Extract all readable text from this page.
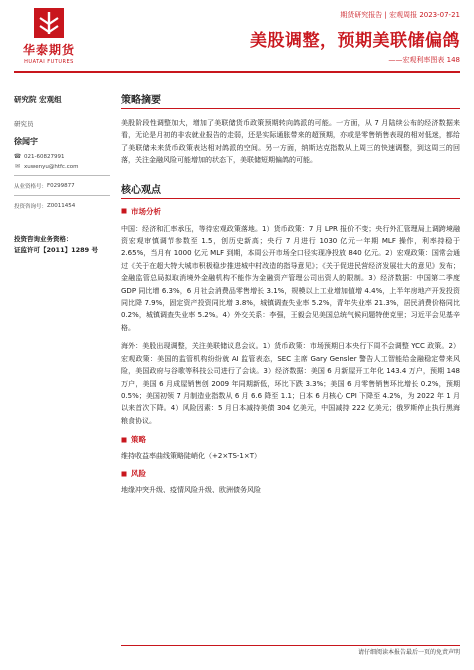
华泰期货
HUATAI FUTURES
期货研究报告 | 宏观周报 2023-07-21
美股调整，预期美联储偏鸽
——宏观利率图表 148
研究院 宏观组
研究员
徐闻宇
☎ 021-60827991
✉ xuwenyu@htfc.com
从业资格号： F0299877
投资咨询号： Z0011454
投资咨询业务资格：
证监许可【2011】1289 号
策略摘要

美股阶段性调整加大，增加了美联储货币政策预期转向鸽派的可能。一方面，从 7 月陆续公布的经济数据来看，无论是月初的非农就业报告的走弱，还是实际通胀带来的超预期，亦或是零售销售表现的相对低迷，都给了美联储未来货币政策表达相对鸽派的空间。另一方面，纳斯达克指数从上周三的快速调整，到这周三的回落，关注金融风险可能增加的状态下，美联储短期偏鸽的可能。

核心观点
市场分析

中国：经济和汇率承压，等待宏观政策落地。1）货币政策：7 月 LPR 报价不变；央行外汇管理局上调跨境融资宏观审慎调节参数至 1.5，创历史新高；央行 7 月进行 1030 亿元一年期 MLF 操作，利率持稳于 2.65%，当月有 1000 亿元 MLF 到期，本周公开市场全口径实现净投放 840 亿元。2）宏观政策：国常会通过《关于在超大特大城市积极稳步推进城中村改造的指导意见》；《关于促进民营经济发展壮大的意见》发布；金融监管总局拟取消境外金融机构不能作为金融资产管理公司出资人的限制。3）经济数据：中国第二季度 GDP 同比增 6.3%，6 月社会消费品零售增长 3.1%，规模以上工业增加值增 4.4%，上半年房地产开发投资同比降 7.9%，固定资产投资同比增 3.8%，城镇调查失业率 5.2%，青年失业率 21.3%，居民消费价格同比 0.2%，城镇调查失业率 5.2%。4）外交关系：李强，王毅会见美国总统气候问题特使克里；习近平会见基辛格。

海外：美股出现调整，关注美联储议息会议。1）货币政策：市场预期日本央行下周不会调整 YCC 政策。2）宏观政策：美国的监管机构纷纷就 AI 监管表态，SEC 主席 Gary Gensler 警告人工智能给金融稳定带来风险，美国政府与谷歌等科技公司进行了会谈。3）经济数据：美国 6 月新屋开工年化 143.4 万户，预期 148 万户，美国 6 月成屋销售创 2009 年同期新低，环比下跌 3.3%；美国 6 月零售销售环比增长 0.2%，预期 0.5%；美国初领 7 月制造业指数从 6 月 6.6 降至 1.1；日本 6 月核心 CPI 下降至 4.2%，为 2022 年 1 月以来首次下降。4）风险因素：5 月日本减持美债 304 亿美元，中国减持 222 亿美元；俄罗斯停止执行黑海粮食协议。

策略
维持收益率曲线策略陡峭化（+2×TS-1×T）
风险
地缘冲突升级、疫情风险升级、欧洲债务风险
请仔细阅读本报告最后一页的免责声明
